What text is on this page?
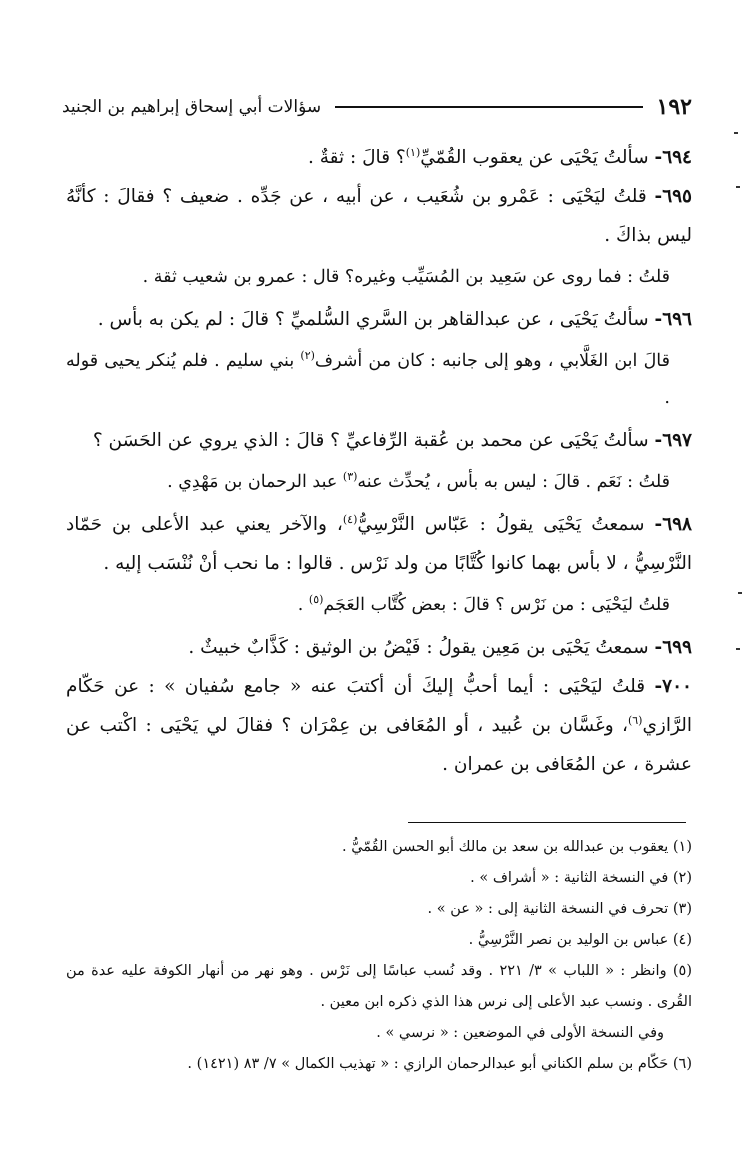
١٩٢
سؤالات أبي إسحاق إبراهيم بن الجنيد

٦٩٤- سألتُ يَحْيَى عن يعقوب القُمّيِّ$^{(١)}$؟ قالَ : ثقةٌ .

٦٩٥- قلتُ ليَحْيَى : عَمْرو بن شُعَيب ، عن أبيه ، عن جَدِّه . ضعيف ؟ فقالَ : كأنَّهُ ليس بذاكَ .

قلتُ : فما روى عن سَعِيد بن المُسَيِّب وغيره؟ قال : عمرو بن شعيب ثقة .

٦٩٦- سألتُ يَحْيَى ، عن عبدالقاهر بن السَّري السُّلميِّ ؟ قالَ : لم يكن به بأس .

قالَ ابن الغَلَّابي ، وهو إلى جانبه : كان من أشرف$^{(٢)}$ بني سليم . فلم يُنكر يحيى قوله .

٦٩٧- سألتُ يَحْيَى عن محمد بن عُقبة الرِّفاعيِّ ؟ قالَ : الذي يروي عن الحَسَن ؟

قلتُ : نَعَم . قالَ : ليس به بأس ، يُحدِّث عنه$^{(٣)}$ عبد الرحمان بن مَهْدِي .

٦٩٨- سمعتُ يَحْيَى يقولُ : عَبّاس النَّرْسِيُّ$^{(٤)}$، والآخر يعني عبد الأعلى بن حَمّاد النَّرْسِيُّ ، لا بأس بهما كانوا كُتَّابًا من ولد نَرْس . قالوا : ما نحب أنْ نُنْسَب إليه .

قلتُ ليَحْيَى : من نَرْس ؟ قالَ : بعض كُتَّاب العَجَم$^{(٥)}$ .

٦٩٩- سمعتُ يَحْيَى بن مَعِين يقولُ : فَيْضُ بن الوثيق : كَذَّابٌ خبيثٌ .

٧٠٠- قلتُ ليَحْيَى : أيما أحبُّ إليكَ أن أكتبَ عنه « جامع سُفيان » : عن حَكّام الرَّازي$^{(٦)}$، وغَسَّان بن عُبيد ، أو المُعَافى بن عِمْرَان ؟ فقالَ لي يَحْيَى : اكْتب عن عشرة ، عن المُعَافى بن عمران .

(١) يعقوب بن عبدالله بن سعد بن مالك أبو الحسن القُمّيُّ .

(٢) في النسخة الثانية : « أشراف » .

(٣) تحرف في النسخة الثانية إلى : « عن » .

(٤) عباس بن الوليد بن نصر النَّرْسِيُّ .

(٥) وانظر : « اللباب » ٣/ ٢٢١ . وقد نُسب عباسًا إلى نَرْس . وهو نهر من أنهار الكوفة عليه عدة من القُرى . ونسب عبد الأعلى إلى نرس هذا الذي ذكره ابن معين .

وفي النسخة الأولى في الموضعين : « نرسي » .

(٦) حَكّام بن سلم الكناني أبو عبدالرحمان الرازي : « تهذيب الكمال » ٧/ ٨٣ (١٤٢١) .
